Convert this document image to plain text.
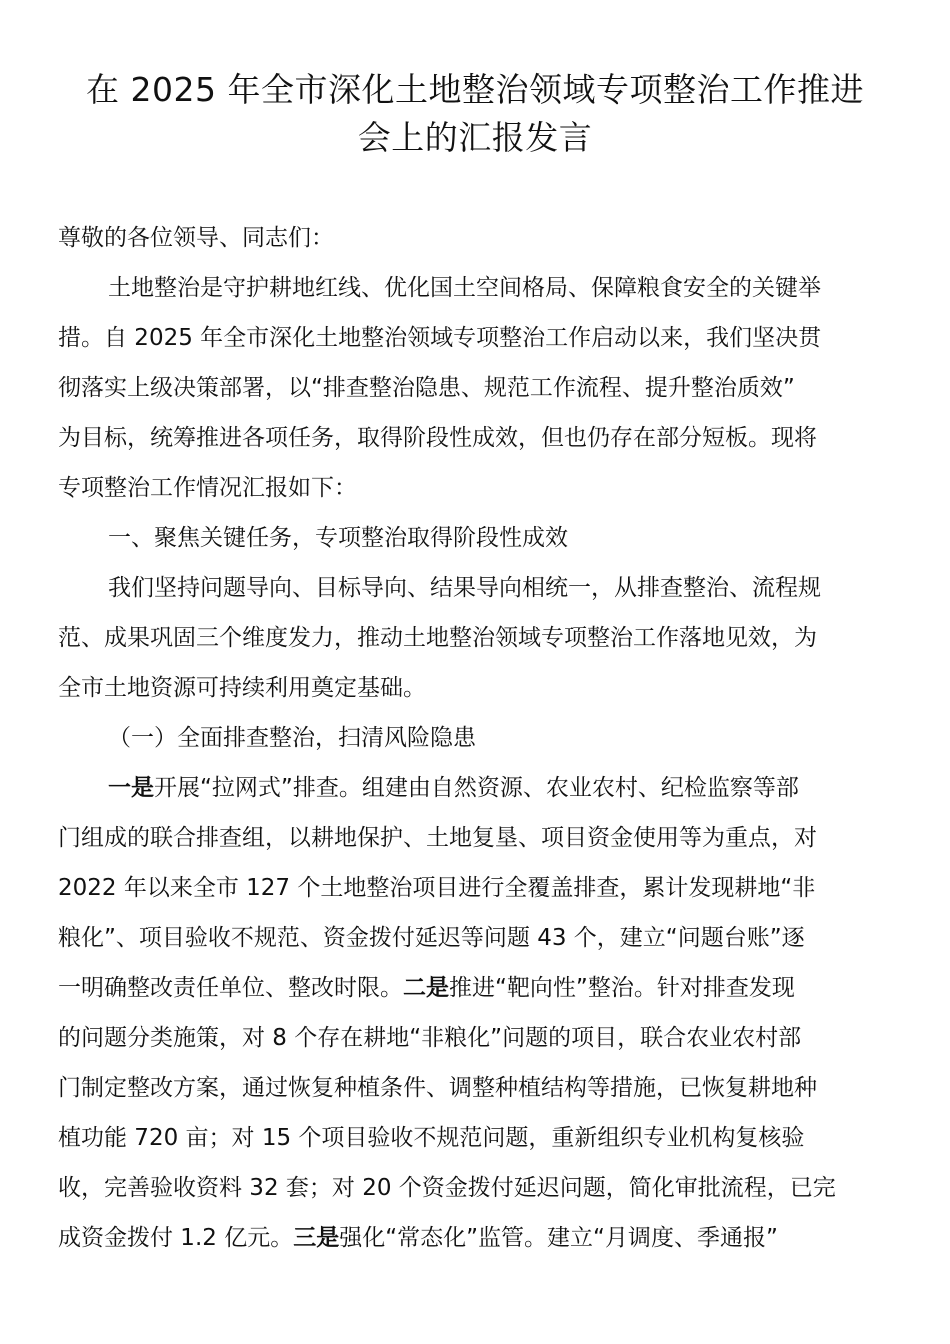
在 2025 年全市深化土地整治领域专项整治工作推进
会上的汇报发言

尊敬的各位领导、同志们：

土地整治是守护耕地红线、优化国土空间格局、保障粮食安全的关键举

措。自 2025 年全市深化土地整治领域专项整治工作启动以来，我们坚决贯

彻落实上级决策部署，以“排查整治隐患、规范工作流程、提升整治质效”

为目标，统筹推进各项任务，取得阶段性成效，但也仍存在部分短板。现将

专项整治工作情况汇报如下：

一、聚焦关键任务，专项整治取得阶段性成效

我们坚持问题导向、目标导向、结果导向相统一，从排查整治、流程规

范、成果巩固三个维度发力，推动土地整治领域专项整治工作落地见效，为

全市土地资源可持续利用奠定基础。

（一）全面排查整治，扫清风险隐患

一是开展“拉网式”排查。组建由自然资源、农业农村、纪检监察等部

门组成的联合排查组，以耕地保护、土地复垦、项目资金使用等为重点，对

2022 年以来全市 127 个土地整治项目进行全覆盖排查，累计发现耕地“非

粮化”、项目验收不规范、资金拨付延迟等问题 43 个，建立“问题台账”逐

一明确整改责任单位、整改时限。二是推进“靶向性”整治。针对排查发现

的问题分类施策，对 8 个存在耕地“非粮化”问题的项目，联合农业农村部

门制定整改方案，通过恢复种植条件、调整种植结构等措施，已恢复耕地种

植功能 720 亩；对 15 个项目验收不规范问题，重新组织专业机构复核验

收，完善验收资料 32 套；对 20 个资金拨付延迟问题，简化审批流程，已完

成资金拨付 1.2 亿元。三是强化“常态化”监管。建立“月调度、季通报”
